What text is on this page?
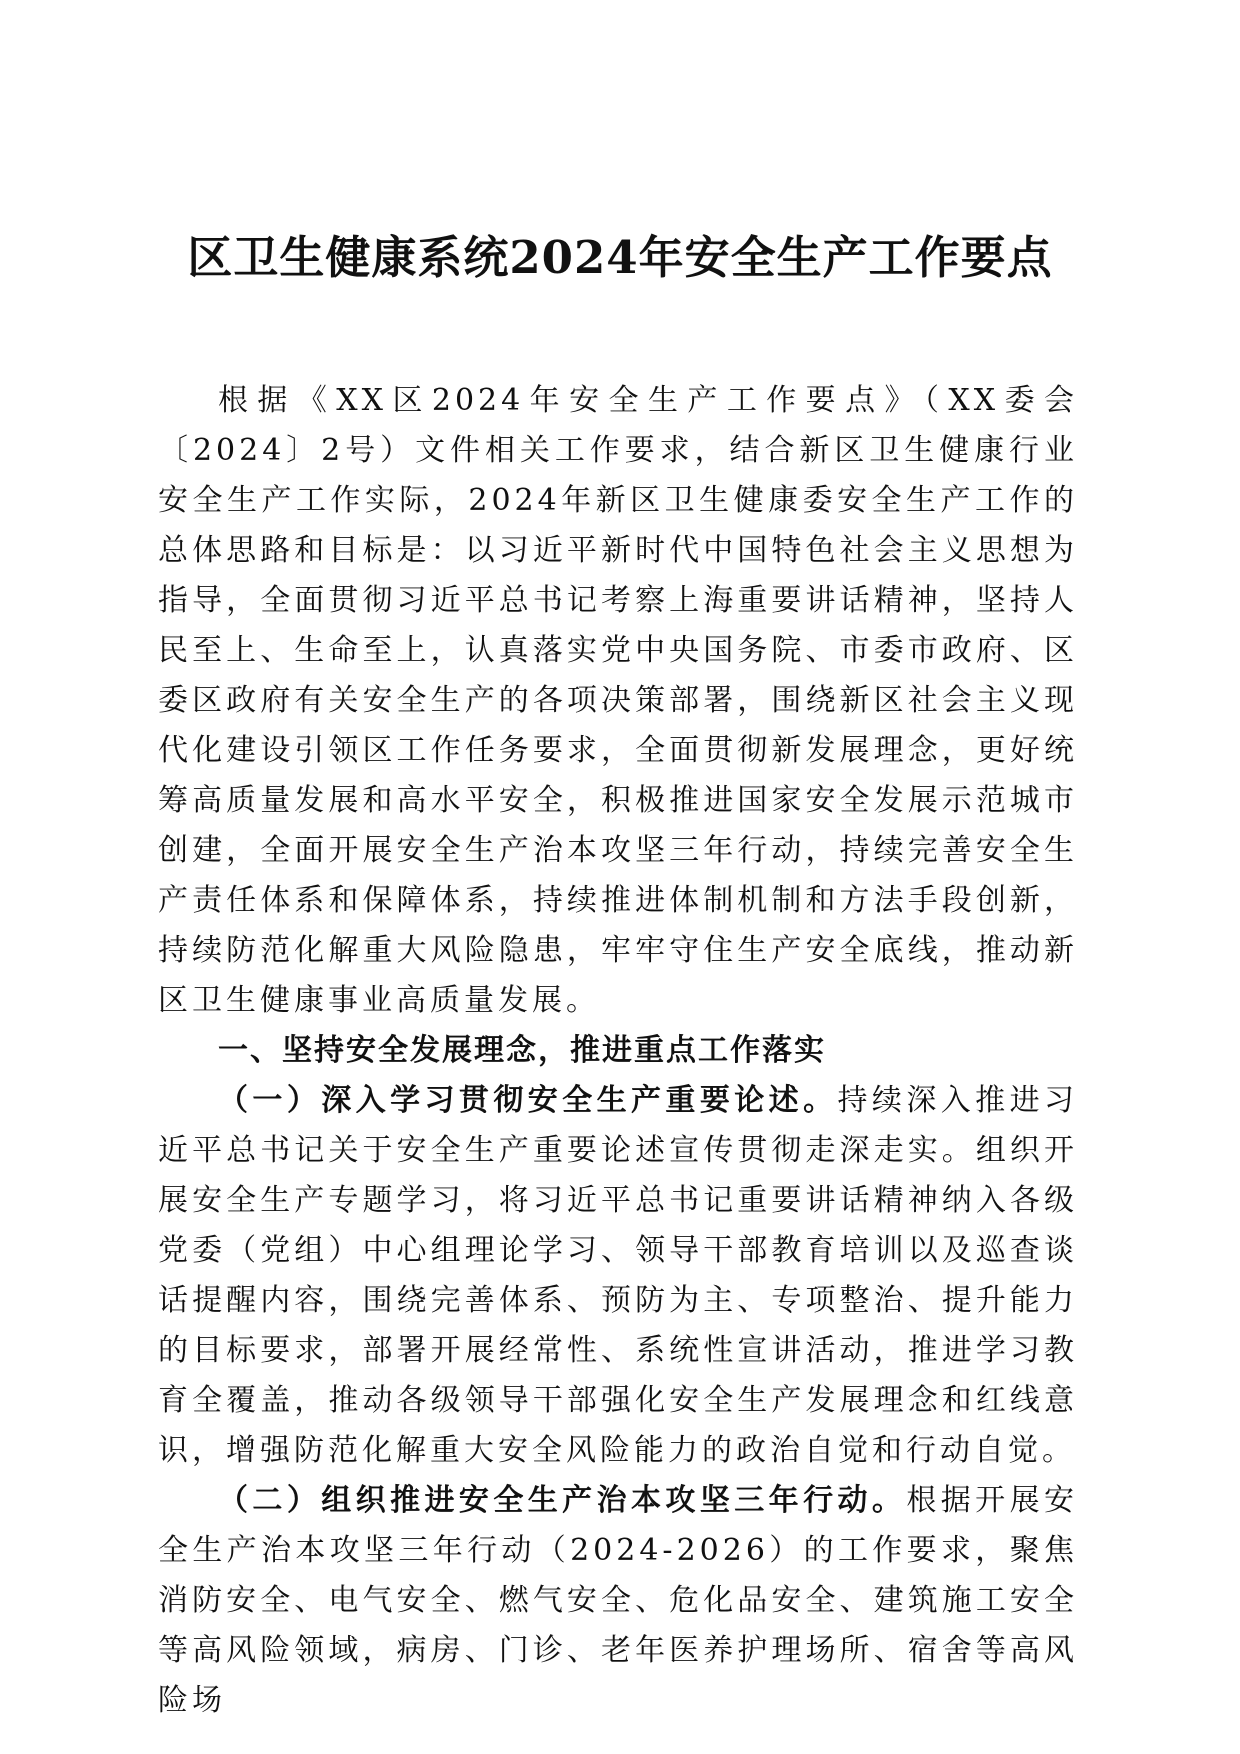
区卫生健康系统2024年安全生产工作要点

根据《XX区2024年安全生产工作要点》（XX委会〔2024〕2号）文件相关工作要求，结合新区卫生健康行业安全生产工作实际，2024年新区卫生健康委安全生产工作的总体思路和目标是：以习近平新时代中国特色社会主义思想为指导，全面贯彻习近平总书记考察上海重要讲话精神，坚持人民至上、生命至上，认真落实党中央国务院、市委市政府、区委区政府有关安全生产的各项决策部署，围绕新区社会主义现代化建设引领区工作任务要求，全面贯彻新发展理念，更好统筹高质量发展和高水平安全，积极推进国家安全发展示范城市创建，全面开展安全生产治本攻坚三年行动，持续完善安全生产责任体系和保障体系，持续推进体制机制和方法手段创新，持续防范化解重大风险隐患，牢牢守住生产安全底线，推动新区卫生健康事业高质量发展。

一、坚持安全发展理念，推进重点工作落实

（一）深入学习贯彻安全生产重要论述。持续深入推进习近平总书记关于安全生产重要论述宣传贯彻走深走实。组织开展安全生产专题学习，将习近平总书记重要讲话精神纳入各级党委（党组）中心组理论学习、领导干部教育培训以及巡查谈话提醒内容，围绕完善体系、预防为主、专项整治、提升能力的目标要求，部署开展经常性、系统性宣讲活动，推进学习教育全覆盖，推动各级领导干部强化安全生产发展理念和红线意识，增强防范化解重大安全风险能力的政治自觉和行动自觉。

（二）组织推进安全生产治本攻坚三年行动。根据开展安全生产治本攻坚三年行动（2024-2026）的工作要求，聚焦消防安全、电气安全、燃气安全、危化品安全、建筑施工安全等高风险领域，病房、门诊、老年医养护理场所、宿舍等高风险场
